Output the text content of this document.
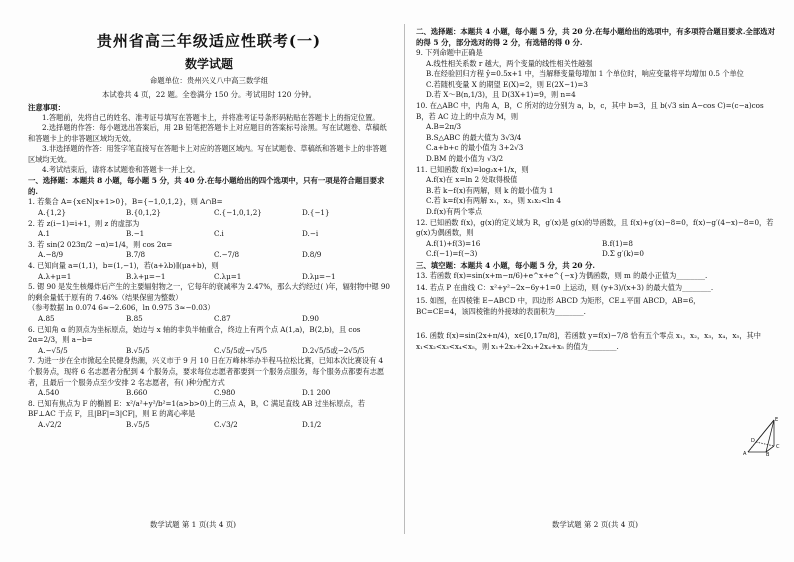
贵州省高三年级适应性联考(一)
数学试题
命题单位：贵州兴义八中高三数学组
本试卷共 4 页，22 题。全卷满分 150 分。考试用时 120 分钟。
注意事项：
1.答题前，先将自己的姓名、准考证号填写在答题卡上，并将准考证号条形码粘贴在答题卡上的指定位置。
2.选择题的作答：每小题选出答案后，用 2B 铅笔把答题卡上对应题目的答案标号涂黑。写在试题卷、草稿纸和答题卡上的非答题区域均无效。
3.非选择题的作答：用签字笔直接写在答题卡上对应的答题区域内。写在试题卷、草稿纸和答题卡上的非答题区域均无效。
4.考试结束后，请将本试题卷和答题卡一并上交。
一、选择题：本题共 8 小题，每小题 5 分，共 40 分.在每小题给出的四个选项中，只有一项是符合题目要求的.
1. 若集合 A={x∈N|x+1>0}，B={−1,0,1,2}，则 A∩B=
A.{1,2}	B.{0,1,2}	C.{−1,0,1,2}	D.{−1}
2. 若 z(i−1)=i+1，则 z 的虚部为
A.1	B.−1	C.i	D.−i
3. 若 sin(2 023π/2 −α)=1/4，则 cos 2α=
A.−8/9	B.7/8	C.−7/8	D.8/9
4. 已知向量 a=(1,1)，b=(1,−1)，若(a+λb)∥(μa+b)，则
A.λ+μ=1	B.λ+μ=−1	C.λμ=1	D.λμ=−1
5. 锶 90 是发生核爆炸后产生的主要辐射物之一，它每年的衰减率为 2.47%，那么大约经过( )年，辐射物中锶 90 的剩余量低于原有的 7.46%（结果保留为整数）
（参考数据 ln 0.074 6≈−2.606，ln 0.975 3≈−0.03）
A.85	B.85	C.87	D.90
6. 已知角 α 的顶点为坐标原点，始边与 x 轴的非负半轴重合，终边上有两个点 A(1,a)，B(2,b)，且 cos 2α=2/3，则 a−b=
A.−√5/5	B.√5/5	C.√5/5或−√5/5	D.2√5/5或−2√5/5
7. 为进一步在全市掀起全民健身热潮，兴义市于 9 月 10 日在万峰林举办半程马拉松比赛，已知本次比赛设有 4 个服务点，现将 6 名志愿者分配到 4 个服务点，要求每位志愿者都要到一个服务点服务，每个服务点都要有志愿者，且最后一个服务点至少安排 2 名志愿者，有( )种分配方式
A.540	B.660	C.980	D.1 200
8. 已知有焦点为 F 的椭圆 E：x²/a²+y²/b²=1(a>b>0)上的三点 A，B，C 满足直线 AB 过坐标原点，若 BF⊥AC 于点 F，且|BF|=3|CF|，则 E 的离心率是
A.√2/2	B.√5/5	C.√3/2	D.1/2
二、选择题：本题共 4 小题，每小题 5 分，共 20 分.在每小题给出的选项中，有多项符合题目要求.全部选对的得 5 分，部分选对的得 2 分，有选错的得 0 分.
9. 下列命题中正确是
A.线性相关系数 r 越大，两个变量的线性相关性越强
B.在经验回归方程 ŷ=0.5x+1 中，当解释变量每增加 1 个单位时，响应变量将平均增加 0.5 个单位
C.若随机变量 X 的期望 E(X)=2，则 E(2X−1)=3
D.若 X～B(n,1/3)，且 D(3X+1)=9，则 n=4
10. 在△ABC 中，内角 A，B，C 所对的边分别为 a，b，c，其中 b=3，且 b(√3 sin A−cos C)=(c−a)cos B，若 AC 边上的中点为 M，则
A.B=2π/3
B.S△ABC 的最大值为 3√3/4
C.a+b+c 的最小值为 3+2√3
D.BM 的最小值为 √3/2
11. 已知函数 f(x)=log₂x+1/x，则
A.f(x)在 x=ln 2 处取得极值
B.若 k−f(x)有两解，则 k 的最小值为 1
C.若 k=f(x)有两解 x₁，x₂，则 x₁x₂<ln 4
D.f(x)有两个零点
12. 已知函数 f(x)，g(x)的定义域为 R，g′(x)是 g(x)的导函数，且 f(x)+g′(x)−8=0，f(x)−g′(4−x)−8=0，若 g(x)为偶函数，则
A.f(1)+f(3)=16	B.f(1)=8
C.f(−1)=f(−3)	D.Σ g′(k)=0
三、填空题：本题共 4 小题，每小题 5 分，共 20 分.
13. 若函数 f(x)=sin(x+m−π/6)+e^x+e^{−x}为偶函数，则 m 的最小正值为________.
14. 若点 P 在曲线 C：x²+y²−2x−6y+1=0 上运动，则 (y+3)/(x+3) 的最大值为________.
15. 如图，在四棱锥 E−ABCD 中，四边形 ABCD 为矩形，CE⊥平面 ABCD，AB=6，BC=CE=4，该四棱锥的外接球的表面积为________.
16. 函数 f(x)=sin(2x+π/4)，x∈[0,17π/8]，若函数 y=f(x)−7/8 恰有五个零点 x₁，x₂，x₃，x₄，x₅，其中 x₁<x₂<x₃<x₄<x₅，则 x₁+2x₂+2x₃+2x₄+x₅ 的值为________.
E
D
A	B
C
数学试题 第 1 页(共 4 页)	数学试题 第 2 页(共 4 页)
